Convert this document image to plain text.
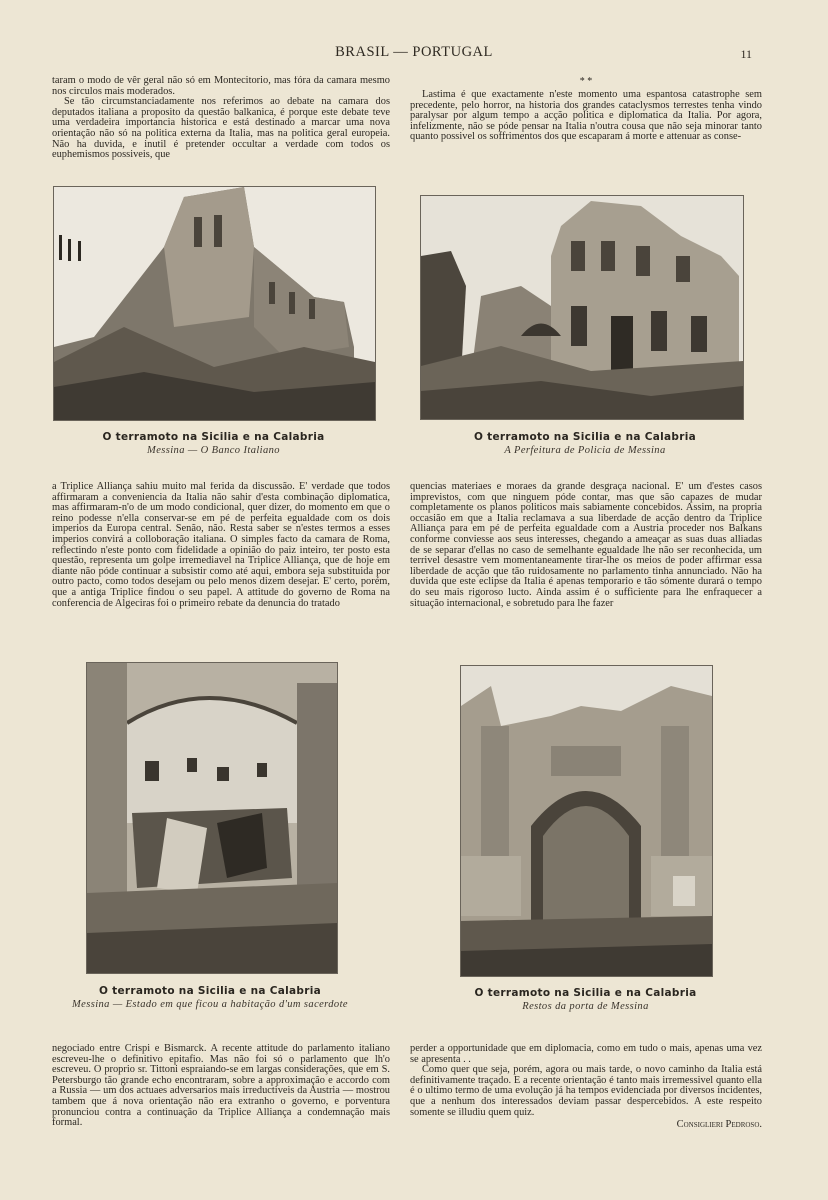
BRASIL — PORTUGAL	11

taram o modo de vêr geral não só em Montecitorio, mas fóra da camara mesmo nos circulos mais moderados.

Se tão circumstanciadamente nos referimos ao debate na camara dos deputados italiana a proposito da questão balkanica, é porque este debate teve uma verdadeira importancia historica e está destinado a marcar uma nova orientação não só na politica externa da Italia, mas na politica geral europeia. Não ha duvida, e inutil é pretender occultar a verdade com todos os euphemismos possiveis, que

* *

Lastima é que exactamente n'este momento uma espantosa catastrophe sem precedente, pelo horror, na historia dos grandes cataclysmos terrestes tenha vindo paralysar por algum tempo a acção politica e diplomatica da Italia. Por agora, infelizmente, não se póde pensar na Italia n'outra cousa que não seja minorar tanto quanto possivel os soffrimentos dos que escaparam á morte e attenuar as conse-

O terramoto na Sicilia e na Calabria
Messina — O Banco Italiano
O terramoto na Sicilia e na Calabria
A Perfeitura de Policia de Messina

a Triplice Alliança sahiu muito mal ferida da discussão. E' verdade que todos affirmaram a conveniencia da Italia não sahir d'esta combinação diplomatica, mas affirmaram-n'o de um modo condicional, quer dizer, do momento em que o reino podesse n'ella conservar-se em pé de perfeita egualdade com os dois imperios da Europa central. Senão, não. Resta saber se n'estes termos a esses imperios convirá a colloboração italiana. O simples facto da camara de Roma, reflectindo n'este ponto com fidelidade a opinião do paiz inteiro, ter posto esta questão, representa um golpe irremediavel na Triplice Alliança, que de hoje em diante não póde continuar a subsistir como até aqui, embora seja substituida por outro pacto, como todos desejam ou pelo menos dizem desejar. E' certo, porém, que a antiga Triplice findou o seu papel. A attitude do governo de Roma na conferencia de Algeciras foi o primeiro rebate da denuncia do tratado

quencias materiaes e moraes da grande desgraça nacional. E' um d'estes casos imprevistos, com que ninguem póde contar, mas que são capazes de mudar completamente os planos politicos mais sabiamente concebidos. Assim, na propria occasião em que a Italia reclamava a sua liberdade de acção dentro da Triplice Alliança para em pé de perfeita egualdade com a Austria proceder nos Balkans conforme conviesse aos seus interesses, chegando a ameaçar as suas duas alliadas de se separar d'ellas no caso de semelhante egualdade lhe não ser reconhecida, um terrivel desastre vem momentaneamente tirar-lhe os meios de poder affirmar essa liberdade de acção que tão ruidosamente no parlamento tinha annunciado. Não ha duvida que este eclipse da Italia é apenas temporario e tão sómente durará o tempo do seu mais rigoroso lucto. Ainda assim é o sufficiente para lhe enfraquecer a situação internacional, e sobretudo para lhe fazer

O terramoto na Sicilia e na Calabria
Messina — Estado em que ficou a habitação d'um sacerdote
O terramoto na Sicilia e na Calabria
Restos da porta de Messina

negociado entre Crispi e Bismarck. A recente attitude do parlamento italiano escreveu-lhe o definitivo epitafio. Mas não foi só o parlamento que lh'o escreveu. O proprio sr. Tittoni espraiando-se em largas considerações, que em S. Petersburgo tão grande echo encontraram, sobre a approximação e accordo com a Russia — um dos actuaes adversarios mais irreductiveis da Austria — mostrou tambem que á nova orientação não era extranho o governo, e porventura pronunciou contra a continuação da Triplice Alliança a condemnação mais formal.

perder a opportunidade que em diplomacia, como em tudo o mais, apenas uma vez se apresenta . .

Como quer que seja, porém, agora ou mais tarde, o novo caminho da Italia está definitivamente traçado. E a recente orientação é tanto mais irremessivel quanto ella é o ultimo termo de uma evolução já ha tempos evidenciada por diversos incidentes, que a nenhum dos interessados deviam passar despercebidos. A este respeito somente se illudiu quem quiz.

Consiglieri Pedroso.
